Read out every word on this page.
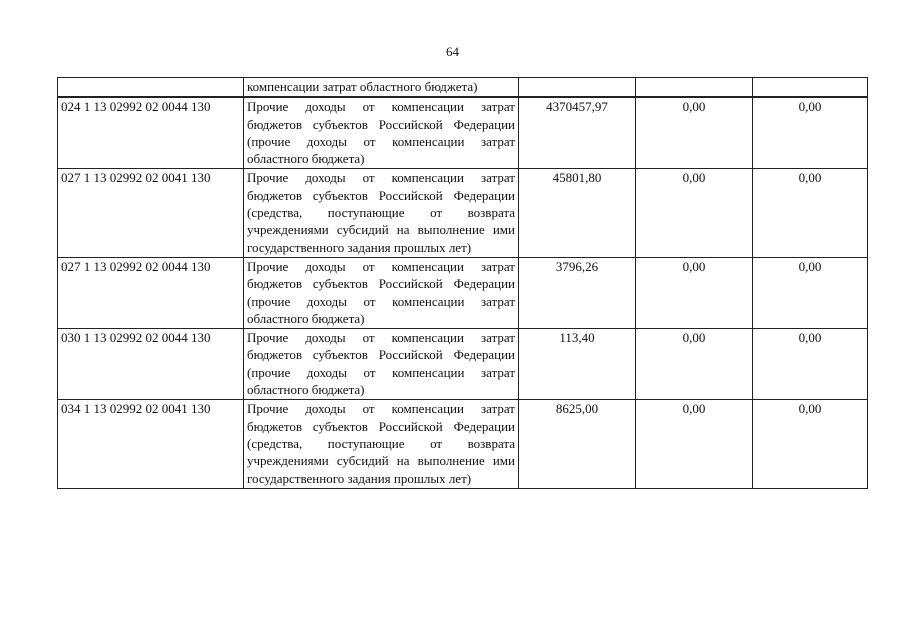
64
	компенсации затрат областного бюджета)			
024 1 13 02992 02 0044 130	Прочие доходы от компенсации затрат бюджетов субъектов Российской Федерации (прочие доходы от компенсации затрат областного бюджета)	4370457,97	0,00	0,00
027 1 13 02992 02 0041 130	Прочие доходы от компенсации затрат бюджетов субъектов Российской Федерации (средства, поступающие от возврата учреждениями субсидий на выполнение ими государственного задания прошлых лет)	45801,80	0,00	0,00
027 1 13 02992 02 0044 130	Прочие доходы от компенсации затрат бюджетов субъектов Российской Федерации (прочие доходы от компенсации затрат областного бюджета)	3796,26	0,00	0,00
030 1 13 02992 02 0044 130	Прочие доходы от компенсации затрат бюджетов субъектов Российской Федерации (прочие доходы от компенсации затрат областного бюджета)	113,40	0,00	0,00
034 1 13 02992 02 0041 130	Прочие доходы от компенсации затрат бюджетов субъектов Российской Федерации (средства, поступающие от возврата учреждениями субсидий на выполнение ими государственного задания прошлых лет)	8625,00	0,00	0,00
